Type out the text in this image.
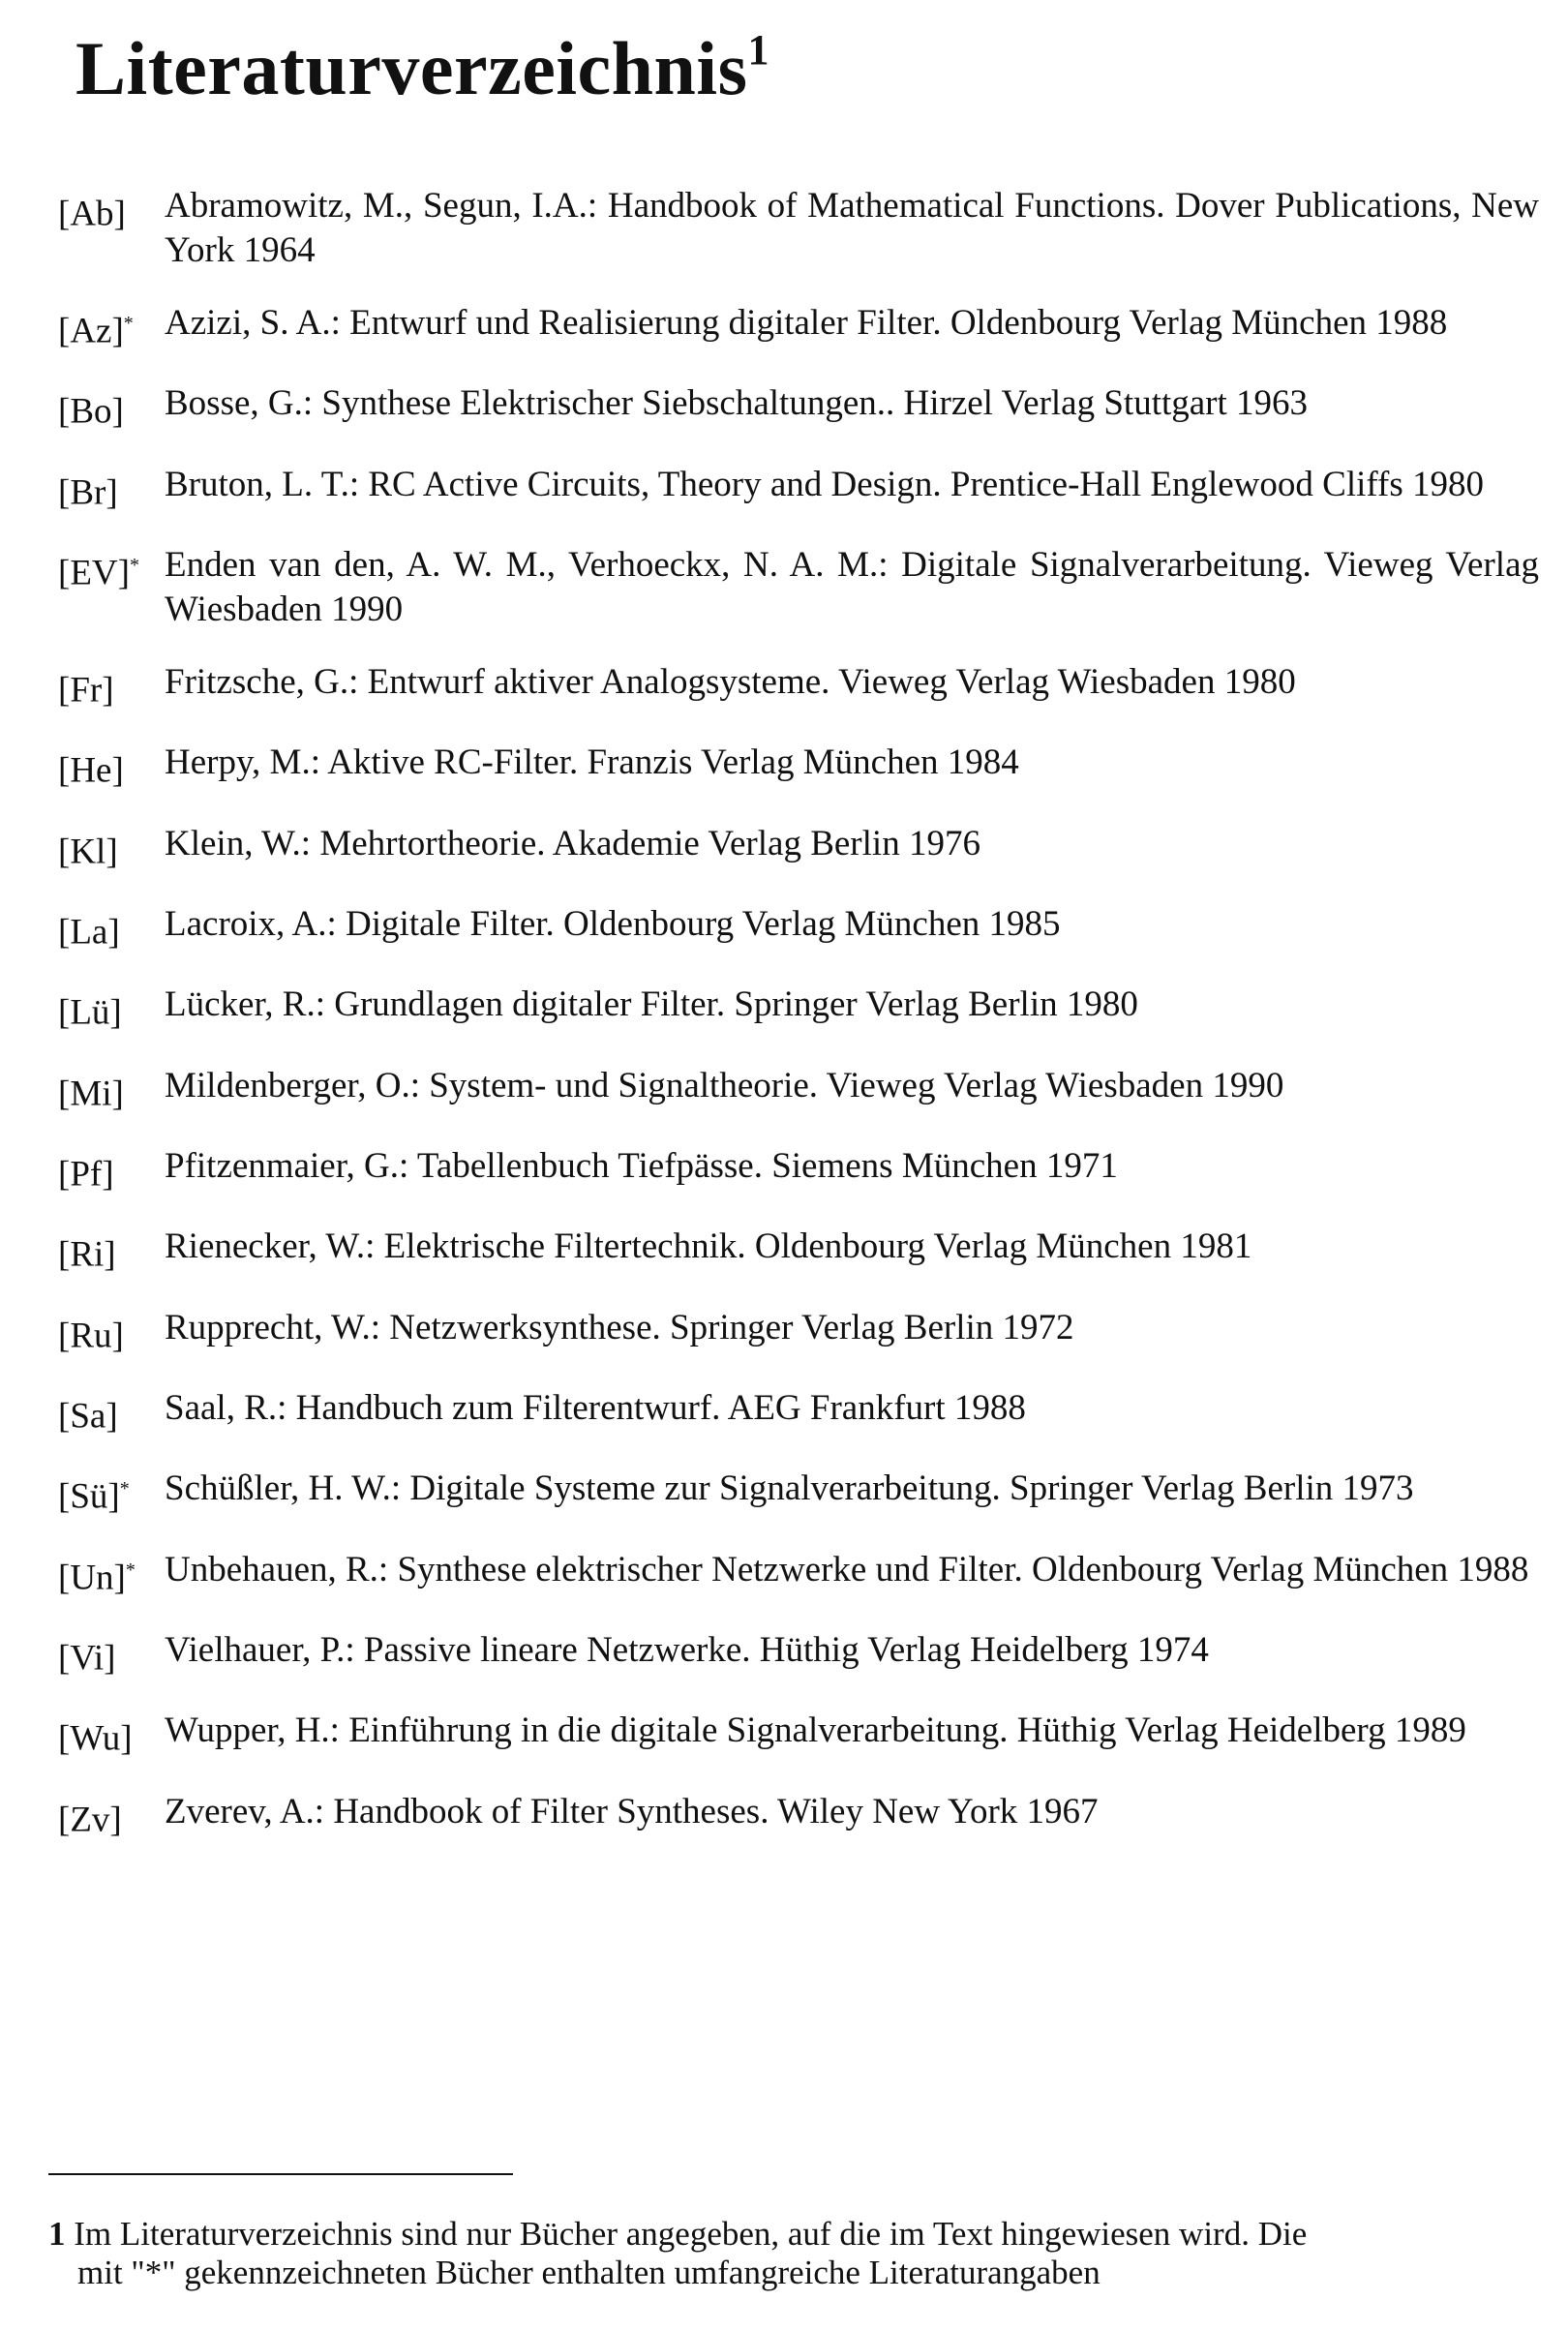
Literaturverzeichnis$^1$
[Ab]	Abramowitz, M., Segun, I.A.: Handbook of Mathematical Functions. Dover Publications, New York 1964
[Az]* Azizi, S. A.: Entwurf und Realisierung digitaler Filter. Oldenbourg Verlag München 1988
[Bo]	Bosse, G.: Synthese Elektrischer Siebschaltungen.. Hirzel Verlag Stuttgart 1963
[Br]	Bruton, L. T.: RC Active Circuits, Theory and Design. Prentice-Hall Englewood Cliffs 1980
[EV]* Enden van den, A. W. M., Verhoeckx, N. A. M.: Digitale Signalverarbeitung. Vieweg Verlag Wiesbaden 1990
[Fr]	Fritzsche, G.: Entwurf aktiver Analogsysteme. Vieweg Verlag Wiesbaden 1980
[He]	Herpy, M.: Aktive RC-Filter. Franzis Verlag München 1984
[Kl]	Klein, W.: Mehrtortheorie. Akademie Verlag Berlin 1976
[La]	Lacroix, A.: Digitale Filter. Oldenbourg Verlag München 1985
[Lü]	Lücker, R.: Grundlagen digitaler Filter. Springer Verlag Berlin 1980
[Mi]	Mildenberger, O.: System- und Signaltheorie. Vieweg Verlag Wiesbaden 1990
[Pf]	Pfitzenmaier, G.: Tabellenbuch Tiefpässe. Siemens München 1971
[Ri]	Rienecker, W.: Elektrische Filtertechnik. Oldenbourg Verlag München 1981
[Ru]	Rupprecht, W.: Netzwerksynthese. Springer Verlag Berlin 1972
[Sa]	Saal, R.: Handbuch zum Filterentwurf. AEG Frankfurt 1988
[Sü]* Schüßler, H. W.: Digitale Systeme zur Signalverarbeitung. Springer Verlag Berlin 1973
[Un]* Unbehauen, R.: Synthese elektrischer Netzwerke und Filter. Oldenbourg Verlag München 1988
[Vi]	Vielhauer, P.: Passive lineare Netzwerke. Hüthig Verlag Heidelberg 1974
[Wu] Wupper, H.: Einführung in die digitale Signalverarbeitung. Hüthig Verlag Heidelberg 1989
[Zv]	Zverev, A.: Handbook of Filter Syntheses. Wiley New York 1967
1 Im Literaturverzeichnis sind nur Bücher angegeben, auf die im Text hingewiesen wird. Die
mit "*" gekennzeichneten Bücher enthalten umfangreiche Literaturangaben
